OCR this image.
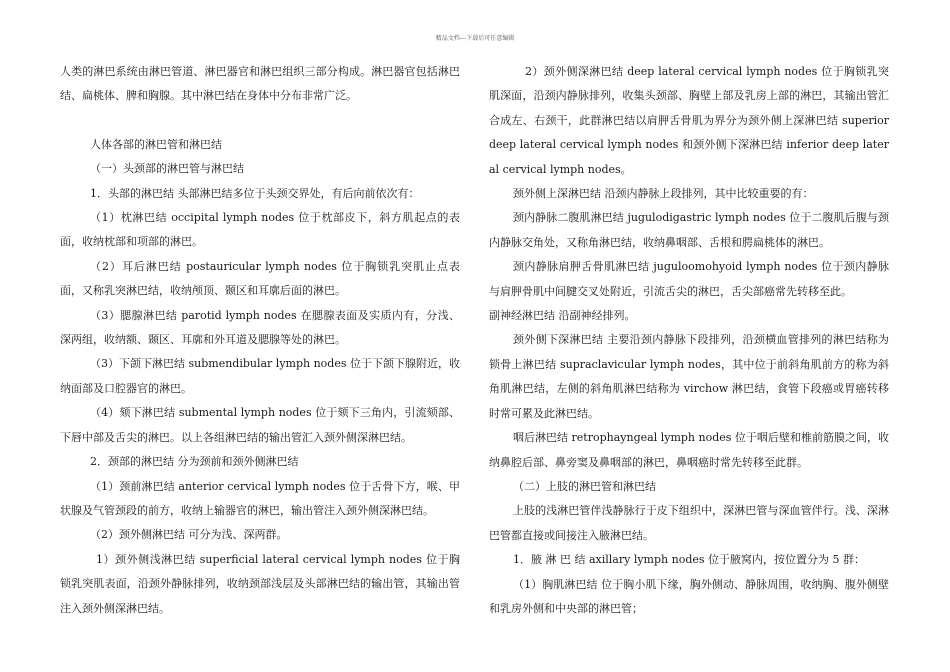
精品文档---下载后可任意编辑

人类的淋巴系统由淋巴管道、淋巴器官和淋巴组织三部分构成。淋巴器官包括淋巴结、扁桃体、脾和胸腺。其中淋巴结在身体中分布非常广泛。

人体各部的淋巴管和淋巴结

（一）头颈部的淋巴管与淋巴结

1．头部的淋巴结 头部淋巴结多位于头颈交界处，有后向前依次有：

（1）枕淋巴结 occipital lymph nodes 位于枕部皮下，斜方肌起点的表面，收纳枕部和项部的淋巴。

（2）耳后淋巴结 postauricular lymph nodes 位于胸锁乳突肌止点表面，又称乳突淋巴结，收纳颅顶、颞区和耳廓后面的淋巴。

（3）腮腺淋巴结 parotid lymph nodes 在腮腺表面及实质内有，分浅、深两组，收纳额、颞区、耳廓和外耳道及腮腺等处的淋巴。

（3）下颌下淋巴结 submendibular lymph nodes 位于下颌下腺附近，收纳面部及口腔器官的淋巴。

（4）颏下淋巴结 submental lymph nodes 位于颏下三角内，引流颏部、下唇中部及舌尖的淋巴。以上各组淋巴结的输出管汇入颈外侧深淋巴结。

2．颈部的淋巴结 分为颈前和颈外侧淋巴结

（1）颈前淋巴结 anterior cervical lymph nodes 位于舌骨下方，喉、甲状腺及气管颈段的前方，收纳上输器官的淋巴，输出管注入颈外侧深淋巴结。

（2）颈外侧淋巴结 可分为浅、深两群。

1）颈外侧浅淋巴结 superficial lateral cervical lymph nodes 位于胸锁乳突肌表面，沿颈外静脉排列，收纳颈部浅层及头部淋巴结的输出管，其输出管注入颈外侧深淋巴结。

2）颈外侧深淋巴结 deep lateral cervical lymph nodes 位于胸锁乳突肌深面，沿颈内静脉排列，收集头颈部、胸壁上部及乳房上部的淋巴，其输出管汇合成左、右颈干，此群淋巴结以肩胛舌骨肌为界分为颈外侧上深淋巴结 superior deep lateral cervical lymph nodes 和颈外侧下深淋巴结 inferior deep lateral cervical lymph nodes。

颈外侧上深淋巴结 沿颈内静脉上段排列，其中比较重要的有：

颈内静脉二腹肌淋巴结 jugulodigastric lymph nodes 位于二腹肌后腹与颈内静脉交角处，又称角淋巴结，收纳鼻咽部、舌根和腭扁桃体的淋巴。

颈内静脉肩胛舌骨肌淋巴结 juguloomohyoid lymph nodes 位于颈内静脉与肩胛骨肌中间腱交叉处附近，引流舌尖的淋巴，舌尖部癌常先转移至此。

副神经淋巴结 沿副神经排列。

颈外侧下深淋巴结 主要沿颈内静脉下段排列，沿颈横血管排列的淋巴结称为锁骨上淋巴结 supraclavicular lymph nodes，其中位于前斜角肌前方的称为斜角肌淋巴结，左侧的斜角肌淋巴结称为 virchow 淋巴结，食管下段癌或胃癌转移时常可累及此淋巴结。

咽后淋巴结 retrophayngeal lymph nodes 位于咽后壁和椎前筋膜之间，收纳鼻腔后部、鼻旁窦及鼻咽部的淋巴，鼻咽癌时常先转移至此群。

（二）上肢的淋巴管和淋巴结

上肢的浅淋巴管伴浅静脉行于皮下组织中，深淋巴管与深血管伴行。浅、深淋巴管都直接或间接注入腋淋巴结。

1．腋 淋 巴 结 axillary lymph nodes 位于腋窝内，按位置分为 5 群：

（1）胸肌淋巴结 位于胸小肌下缘，胸外侧动、静脉周围，收纳胸、腹外侧壁和乳房外侧和中央部的淋巴管；
